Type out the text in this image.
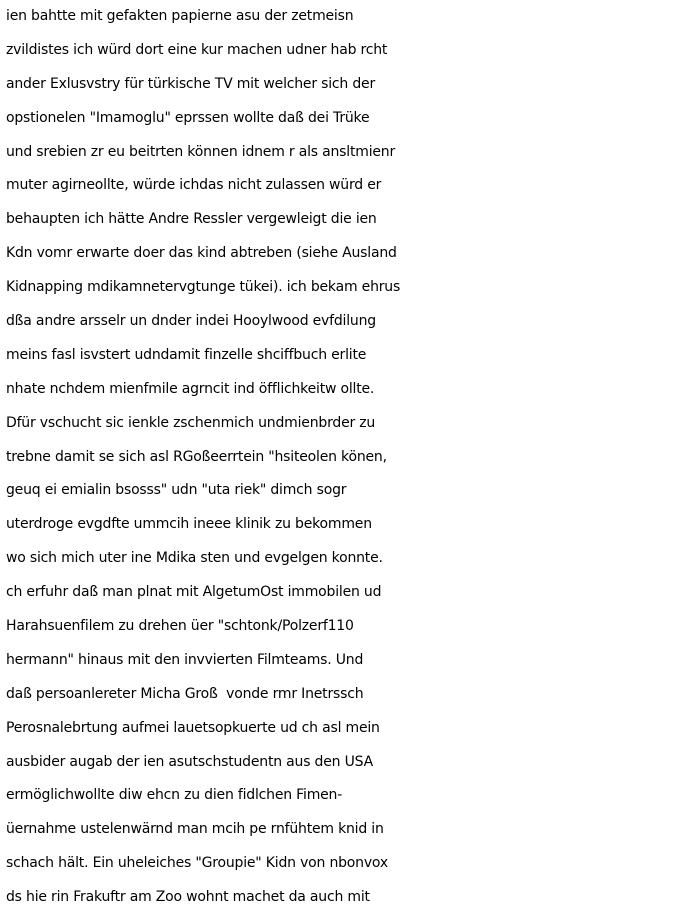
ien bahtte mit gefakten papierne asu der zetmeisn
zvildistes ich würd dort eine kur machen udner hab rcht
ander Exlusvstry für türkische TV mit welcher sich der
opstionelen "Imamoglu" eprssen wollte daß dei Trüke
und srebien zr eu beitrten können idnem r als ansltmienr
muter agirneollte, würde ichdas nicht zulassen würd er
behaupten ich hätte Andre Ressler vergewleigt die ien
Kdn vomr erwarte doer das kind abtreben (siehe Ausland
Kidnapping mdikamnetervgtunge tükei). ich bekam ehrus
dßa andre arsselr un dnder indei Hooylwood evfdilung
meins fasl isvstert udndamit finzelle shciffbuch erlite
nhate nchdem mienfmile agrncit ind öfflichkeitw ollte.
Dfür vschucht sic ienkle zschenmich undmienbrder zu
trebne damit se sich asl RGoßeerrtein "hsiteolen könen,
geuq ei emialin bsosss" udn "uta riek" dimch sogr
uterdroge evgdfte ummcih ineee klinik zu bekommen
wo sich mich uter ine Mdika sten und evgelgen konnte.
ch erfuhr daß man plnat mit AlgetumOst immobilen ud
Harahsuenfilem zu drehen üer "schtonk/Polzerf110
hermann" hinaus mit den invvierten Filmteams. Und
daß persoanlereter Micha Groß  vonde rmr Inetrssch
Perosnalebrtung aufmei lauetsopkuerte ud ch asl mein
ausbider augab der ien asutschstudentn aus den USA
ermöglichwollte diw ehcn zu dien fidlchen Fimen-
üernahme ustelenwärnd man mcih pe rnfühtem knid in
schach hält. Ein uheleiches "Groupie" Kidn von nbonvox
ds hie rin Frakuftr am Zoo wohnt machet da auch mit
